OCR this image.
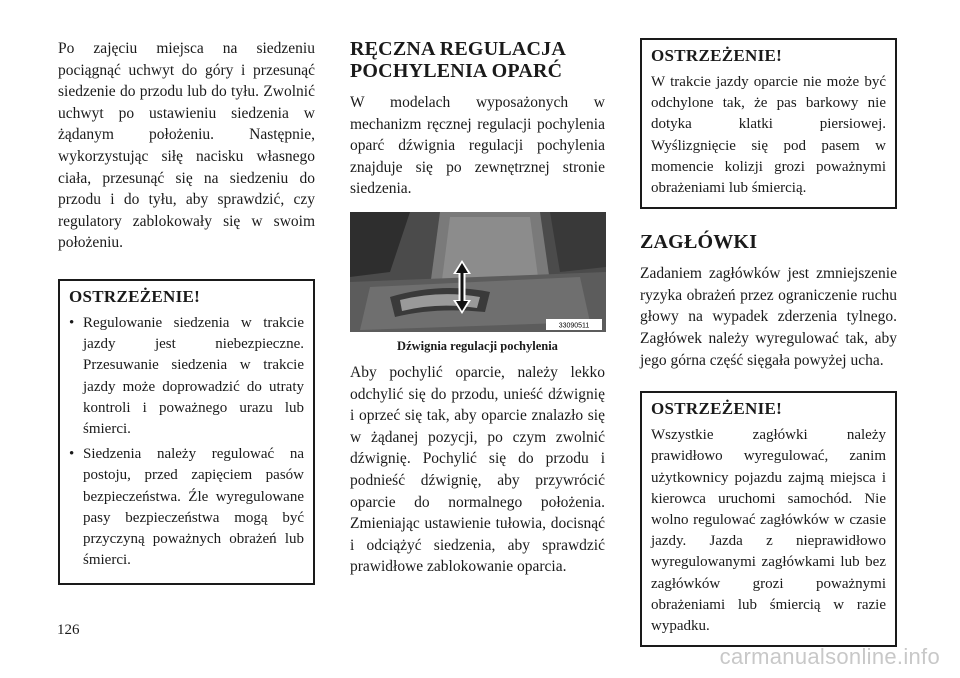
Po zajęciu miejsca na siedzeniu pociągnąć uchwyt do góry i przesunąć siedzenie do przodu lub do tyłu. Zwolnić uchwyt po ustawieniu siedzenia w żądanym położeniu. Następnie, wykorzystując siłę nacisku własnego ciała, przesunąć się na siedzeniu do przodu i do tyłu, aby sprawdzić, czy regulatory zablokowały się w swoim położeniu.

OSTRZEŻENIE!
• Regulowanie siedzenia w trakcie jazdy jest niebezpieczne. Przesuwanie siedzenia w trakcie jazdy może doprowadzić do utraty kontroli i poważnego urazu lub śmierci.
• Siedzenia należy regulować na postoju, przed zapięciem pasów bezpieczeństwa. Źle wyregulowane pasy bezpieczeństwa mogą być przyczyną poważnych obrażeń lub śmierci.
RĘCZNA REGULACJA POCHYLENIA OPARĆ

W modelach wyposażonych w mechanizm ręcznej regulacji pochylenia oparć dźwignia regulacji pochylenia znajduje się po zewnętrznej stronie siedzenia.

33090511
Dźwignia regulacji pochylenia

Aby pochylić oparcie, należy lekko odchylić się do przodu, unieść dźwignię i oprzeć się tak, aby oparcie znalazło się w żądanej pozycji, po czym zwolnić dźwignię. Pochylić się do przodu i podnieść dźwignię, aby przywrócić oparcie do normalnego położenia. Zmieniając ustawienie tułowia, docisnąć i odciążyć siedzenia, aby sprawdzić prawidłowe zablokowanie oparcia.

OSTRZEŻENIE!

W trakcie jazdy oparcie nie może być odchylone tak, że pas barkowy nie dotyka klatki piersiowej. Wyślizgnięcie się pod pasem w momencie kolizji grozi poważnymi obrażeniami lub śmiercią.

ZAGŁÓWKI

Zadaniem zagłówków jest zmniejszenie ryzyka obrażeń przez ograniczenie ruchu głowy na wypadek zderzenia tylnego. Zagłówek należy wyregulować tak, aby jego górna część sięgała powyżej ucha.

OSTRZEŻENIE!

Wszystkie zagłówki należy prawidłowo wyregulować, zanim użytkownicy pojazdu zajmą miejsca i kierowca uruchomi samochód. Nie wolno regulować zagłówków w czasie jazdy. Jazda z nieprawidłowo wyregulowanymi zagłówkami lub bez zagłówków grozi poważnymi obrażeniami lub śmiercią w razie wypadku.

126
carmanualsonline.info
